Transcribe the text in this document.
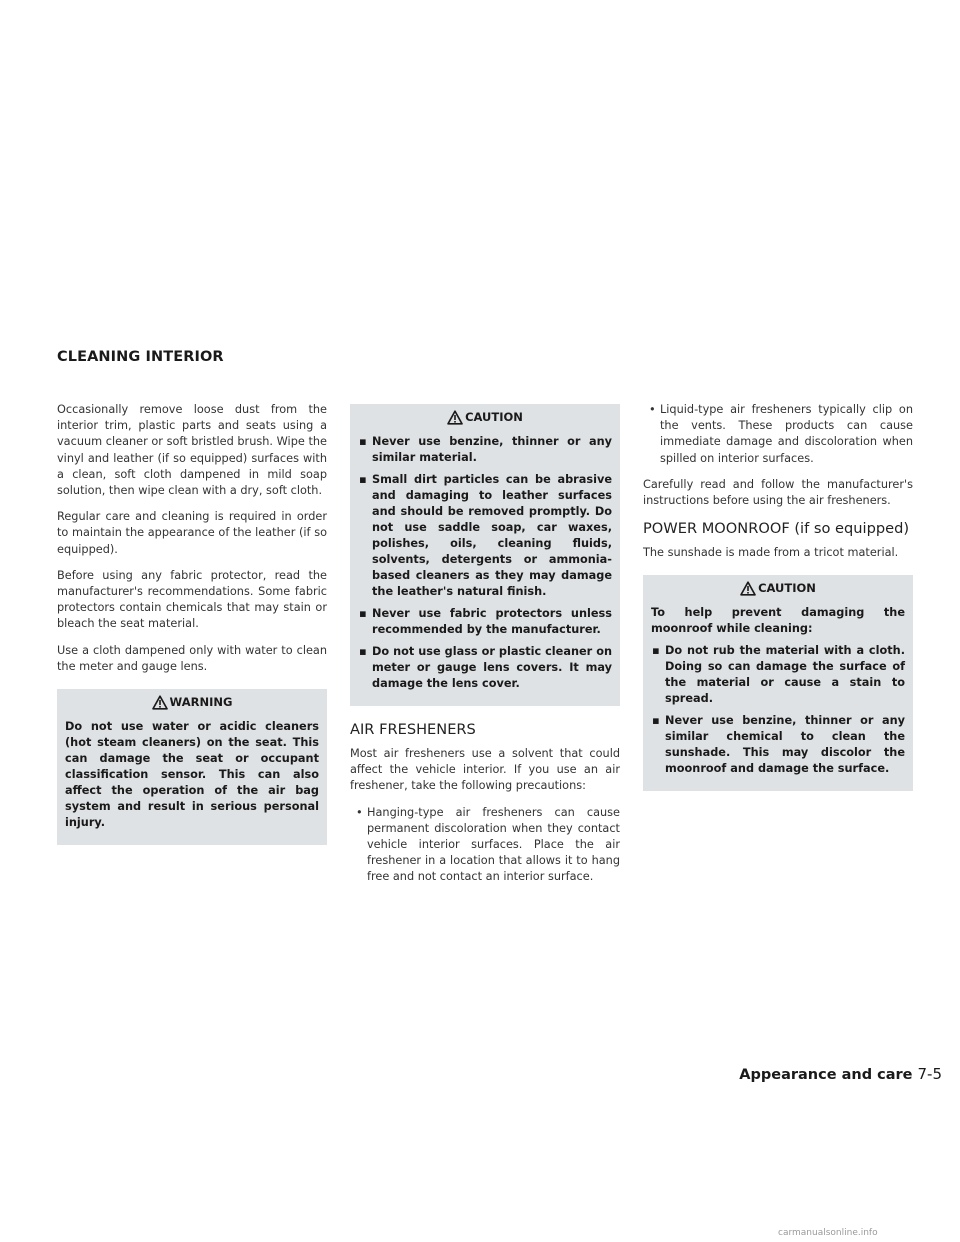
CLEANING INTERIOR

Occasionally remove loose dust from the interior trim, plastic parts and seats using a vacuum cleaner or soft bristled brush. Wipe the vinyl and leather (if so equipped) surfaces with a clean, soft cloth dampened in mild soap solution, then wipe clean with a dry, soft cloth.

Regular care and cleaning is required in order to maintain the appearance of the leather (if so equipped).

Before using any fabric protector, read the manufacturer's recommendations. Some fabric protectors contain chemicals that may stain or bleach the seat material.

Use a cloth dampened only with water to clean the meter and gauge lens.

WARNING

Do not use water or acidic cleaners (hot steam cleaners) on the seat. This can damage the seat or occupant classification sensor. This can also affect the operation of the air bag system and result in serious personal injury.

CAUTION
▪ Never use benzine, thinner or any similar material.
▪ Small dirt particles can be abrasive and damaging to leather surfaces and should be removed promptly. Do not use saddle soap, car waxes, polishes, oils, cleaning fluids, solvents, detergents or ammonia-based cleaners as they may damage the leather's natural finish.
▪ Never use fabric protectors unless recommended by the manufacturer.
▪ Do not use glass or plastic cleaner on meter or gauge lens covers. It may damage the lens cover.
AIR FRESHENERS

Most air fresheners use a solvent that could affect the vehicle interior. If you use an air freshener, take the following precautions:

• Hanging-type air fresheners can cause permanent discoloration when they contact vehicle interior surfaces. Place the air freshener in a location that allows it to hang free and not contact an interior surface.
• Liquid-type air fresheners typically clip on the vents. These products can cause immediate damage and discoloration when spilled on interior surfaces.

Carefully read and follow the manufacturer's instructions before using the air fresheners.

POWER MOONROOF (if so equipped)

The sunshade is made from a tricot material.

CAUTION

To help prevent damaging the moonroof while cleaning:

▪ Do not rub the material with a cloth. Doing so can damage the surface of the material or cause a stain to spread.
▪ Never use benzine, thinner or any similar chemical to clean the sunshade. This may discolor the moonroof and damage the surface.
Appearance and care 7-5
carmanualsonline.info
